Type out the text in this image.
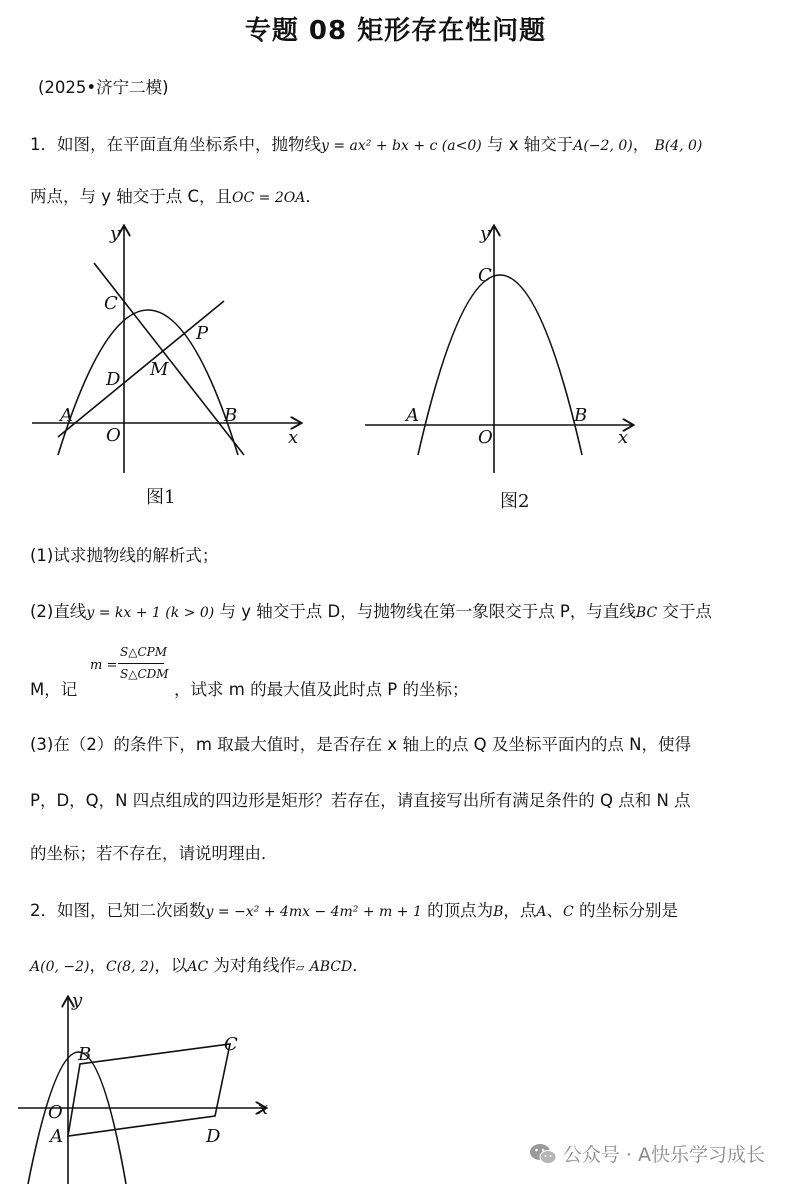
专题 08 矩形存在性问题
(2025•济宁二模)
1．如图，在平面直角坐标系中，抛物线y = ax² + bx + c (a<0) 与 x 轴交于A(−2, 0)， B(4, 0)
两点，与 y 轴交于点 C，且OC = 2OA．
y
x
O
A	B
C
D M
P
图1
y
x
O
A	B
C
图2
(1)试求抛物线的解析式；
(2)直线y = kx + 1 (k > 0) 与 y 轴交于点 D，与抛物线在第一象限交于点 P，与直线BC 交于点
m =
S△CPM
S△CDM
M，记	，试求 m 的最大值及此时点 P 的坐标；
(3)在（2）的条件下，m 取最大值时，是否存在 x 轴上的点 Q 及坐标平面内的点 N，使得
P，D，Q，N 四点组成的四边形是矩形？若存在，请直接写出所有满足条件的 Q 点和 N 点
的坐标；若不存在，请说明理由．
2．如图，已知二次函数y = −x² + 4mx − 4m² + m + 1 的顶点为B，点A、C 的坐标分别是
A(0, −2)，C(8, 2)，以AC 为对角线作▱ ABCD．
y
x
O
A
B	C
D
公众号 · A快乐学习成长
